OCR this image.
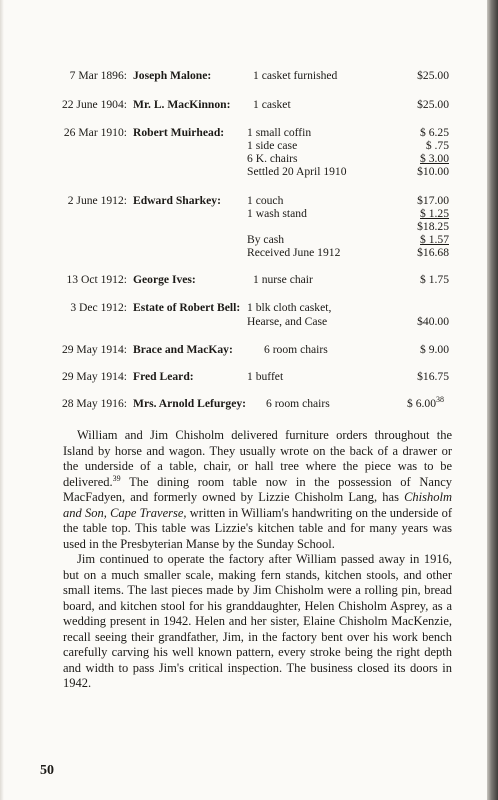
7 Mar 1896: Joseph Malone:	1 casket furnished	$25.00
22 June 1904: Mr. L. MacKinnon: 1 casket	$25.00
26 Mar 1910: Robert Muirhead: 1 small coffin	$ 6.25
1 side case	$ .75
6 K. chairs	$ 3.00
Settled 20 April 1910	$10.00
2 June 1912: Edward Sharkey: 1 couch	$17.00
1 wash stand	$ 1.25
$18.25
By cash	$ 1.57
Received June 1912	$16.68
13 Oct 1912: George Ives:	1 nurse chair	$ 1.75
3 Dec 1912: Estate of Robert Bell: 1 blk cloth casket,
Hearse, and Case	$40.00
29 May 1914: Brace and MacKay:	6 room chairs	$ 9.00
29 May 1914: Fred Leard:	1 buffet	$16.75
28 May 1916: Mrs. Arnold Lefurgey: 6 room chairs	$ 6.00$^{38}$

William and Jim Chisholm delivered furniture orders throughout the Island by horse and wagon. They usually wrote on the back of a drawer or the underside of a table, chair, or hall tree where the piece was to be delivered.$^{39}$ The dining room table now in the possession of Nancy MacFadyen, and formerly owned by Lizzie Chisholm Lang, has Chisholm and Son, Cape Traverse, written in William's handwriting on the underside of the table top. This table was Lizzie's kitchen table and for many years was used in the Presbyterian Manse by the Sunday School.

Jim continued to operate the factory after William passed away in 1916, but on a much smaller scale, making fern stands, kitchen stools, and other small items. The last pieces made by Jim Chisholm were a rolling pin, bread board, and kitchen stool for his granddaughter, Helen Chisholm Asprey, as a wedding present in 1942. Helen and her sister, Elaine Chisholm MacKenzie, recall seeing their grandfather, Jim, in the factory bent over his work bench carefully carving his well known pattern, every stroke being the right depth and width to pass Jim's critical inspection. The business closed its doors in 1942.

50
